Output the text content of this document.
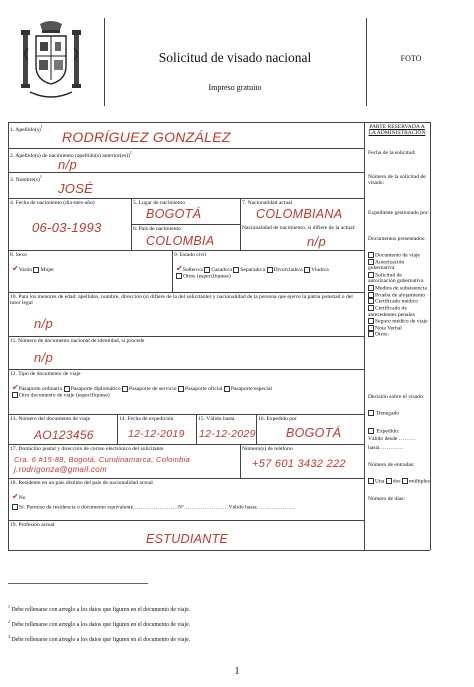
Solicitud de visado nacional
Impreso gratuito
FOTO
1. $Apellido(s)^1$
RODRÍGUEZ GONZÁLEZ
2. Apellido(s) de nacimiento (apellido(s) anterior(es))$^1$
n/p
3. $Nombre(s)^1$
JOSÉ
4. Fecha de nacimiento (día-mes-año)
06-03-1993
5. Lugar de nacimiento
BOGOTÁ
6. País de nacimiento
COLOMBIA
7. Nacionalidad actual
COLOMBIANA
Nacionalidad de nacimiento, si difiere de la actual:
n/p
8. Sexo
✔Varón Mujer
9. Estado civil
✔Soltero/a Casado/a Separado/a Divorciado/a Viudo/a
Otros (especifíquese)
10. Para los menores de edad: apellidos, nombre, dirección (si difiere de la del solicitante) y nacionalidad de la persona que ejerce la patria potestad o del tutor legal
n/p
11. Número de documento nacional de identidad, si procede
n/p
12. Tipo de documento de viaje
✔Pasaporte ordinario Pasaporte diplomático Pasaporte de servicio Pasaporte oficial Pasaporte especial
Otro documento de viaje (especifíquese)
13. Número del documento de viaje
AO123456
14. Fecha de expedición
12-12-2019
15. Válido hasta
12-12-2029
16. Expedido por
BOGOTÁ
17. Domicilio postal y dirección de correo electrónico del solicitante
Cra. 6 #15-88, Bogotá, Cundinamarca, Colombia
j.rodrigonza@gmail.com
Número(s) de teléfono
+57 601 3432 222
18. Residente en un país distinto del país de nacionalidad actual
✔No
Sí. Permiso de residencia o documento equivalente……………………Nº……………………Válido hasta…………………
19. Profesión actual
ESTUDIANTE
PARTE RESERVADA A LA ADMINISTRACIÓN
Fecha de la solicitud:
Número de la solicitud de visado:
Expediente gestionado por:
Documentos presentados:
Documento de viaje
Autorización gubernativa
Solicitud de autorización gubernativa
Medios de subsistencia
Prueba de alojamiento
Certificado médico
Certificado de antecedentes penales
Seguro médico de viaje
Nota Verbal
Otros:
Decisión sobre el visado:
Denegado
Expedido:
Válido desde ………
hasta …………
Número de entradas:
Una dos múltiples
Número de días:
$^1$ Debe rellenarse con arreglo a los datos que figuren en el documento de viaje.
$^2$ Debe rellenarse con arreglo a los datos que figuren en el documento de viaje.
$^3$ Debe rellenarse con arreglo a los datos que figuren en el documento de viaje.
1
